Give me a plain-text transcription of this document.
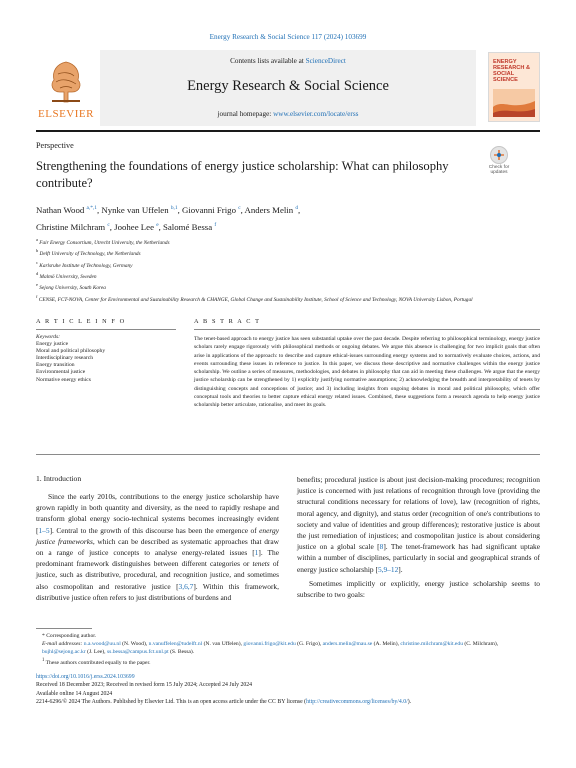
Energy Research & Social Science 117 (2024) 103699
ELSEVIER
Contents lists available at ScienceDirect
Energy Research & Social Science
journal homepage: www.elsevier.com/locate/erss
ENERGY RESEARCH & SOCIAL SCIENCE
Perspective
Strengthening the foundations of energy justice scholarship: What can philosophy contribute?
Check for updates
Nathan Wood $^{a,*,1}$, Nynke van Uffelen $^{b,1}$, Giovanni Frigo $^c$, Anders Melin $^d$,
Christine Milchram $^c$, Joohee Lee $^e$, Salomé Bessa $^f$
$^a$ Fair Energy Consortium, Utrecht University, the Netherlands
$^b$ Delft University of Technology, the Netherlands
$^c$ Karlsruhe Institute of Technology, Germany
$^d$ Malmö University, Sweden
$^e$ Sejong University, South Korea
$^f$ CENSE, FCT-NOVA, Center for Environmental and Sustainability Research & CHANGE, Global Change and Sustainability Institute, School of Science and Technology, NOVA University Lisbon, Portugal
A R T I C L E I N F O	A B S T R A C T
Keywords:
Energy justice
Moral and political philosophy
Interdisciplinary research
Energy transition
Environmental justice
Normative energy ethics
The tenet-based approach to energy justice has seen substantial uptake over the past decade. Despite referring to philosophical terminology, energy justice scholars rarely engage rigorously with philosophical methods or ongoing debates. We argue this absence is challenging for two implicit goals that often arise in applications of the approach: to describe and capture ethical-issues surrounding energy systems and to normatively evaluate choices, actions, and events surrounding these issues in reference to justice. In this paper, we discuss these descriptive and normative challenges within the energy justice scholarship. We outline a series of measures, methodologies, and debates in philosophy that can aid in meeting these challenges. We argue that the energy justice scholarship can be strengthened by 1) explicitly justifying normative assumptions; 2) acknowledging the breadth and interpretability of tenets by distinguishing concepts and conceptions of justice; and 3) including insights from ongoing debates in moral and political philosophy, which offer conceptual tools and theories to better capture ethical energy related issues. Combined, these suggestions form a research agenda to help energy justice scholarship better articulate, rationalise, and meet its goals.
1. Introduction

Since the early 2010s, contributions to the energy justice scholarship have grown rapidly in both quantity and diversity, as the need to rapidly reshape and transform global energy socio-technical systems becomes increasingly evident [1–5]. Central to the growth of this discourse has been the emergence of energy justice frameworks, which can be described as systematic approaches that draw on a range of justice concepts to analyse energy-related issues [1]. The predominant framework distinguishes between different categories or tenets of justice, such as distributive, procedural, and recognition justice, and sometimes also cosmopolitan and restorative justice [3,6,7]. Within this framework, distributive justice often refers to just distributions of burdens and

benefits; procedural justice is about just decision-making procedures; recognition justice is concerned with just relations of recognition through love (providing the structural conditions necessary for relations of love), law (recognition of rights, moral agency, and dignity), and status order (recognition of one's contributions to society and value of identities and group differences); restorative justice is about the just remediation of injustices; and cosmopolitan justice is about considering justice on a global scale [8]. The tenet-framework has had significant uptake within a number of disciplines, particularly in social and geographical strands of energy justice scholarship [5,9–12].

Sometimes implicitly or explicitly, energy justice scholarship seems to subscribe to two goals:

* Corresponding author.

E-mail addresses: n.a.wood@uu.nl (N. Wood), n.vanuffelen@tudelft.nl (N. van Uffelen), giovanni.frigo@kit.edu (G. Frigo), anders.melin@mau.se (A. Melin), christine.milchram@kit.edu (C. Milchram), bujhl@sejong.ac.kr (J. Lee), ss.bessa@campus.fct.unl.pt (S. Bessa).

$^1$ These authors contributed equally to the paper.

https://doi.org/10.1016/j.erss.2024.103699

Received 18 December 2023; Received in revised form 15 July 2024; Accepted 24 July 2024

Available online 14 August 2024

2214-6296/© 2024 The Authors. Published by Elsevier Ltd. This is an open access article under the CC BY license (http://creativecommons.org/licenses/by/4.0/).
